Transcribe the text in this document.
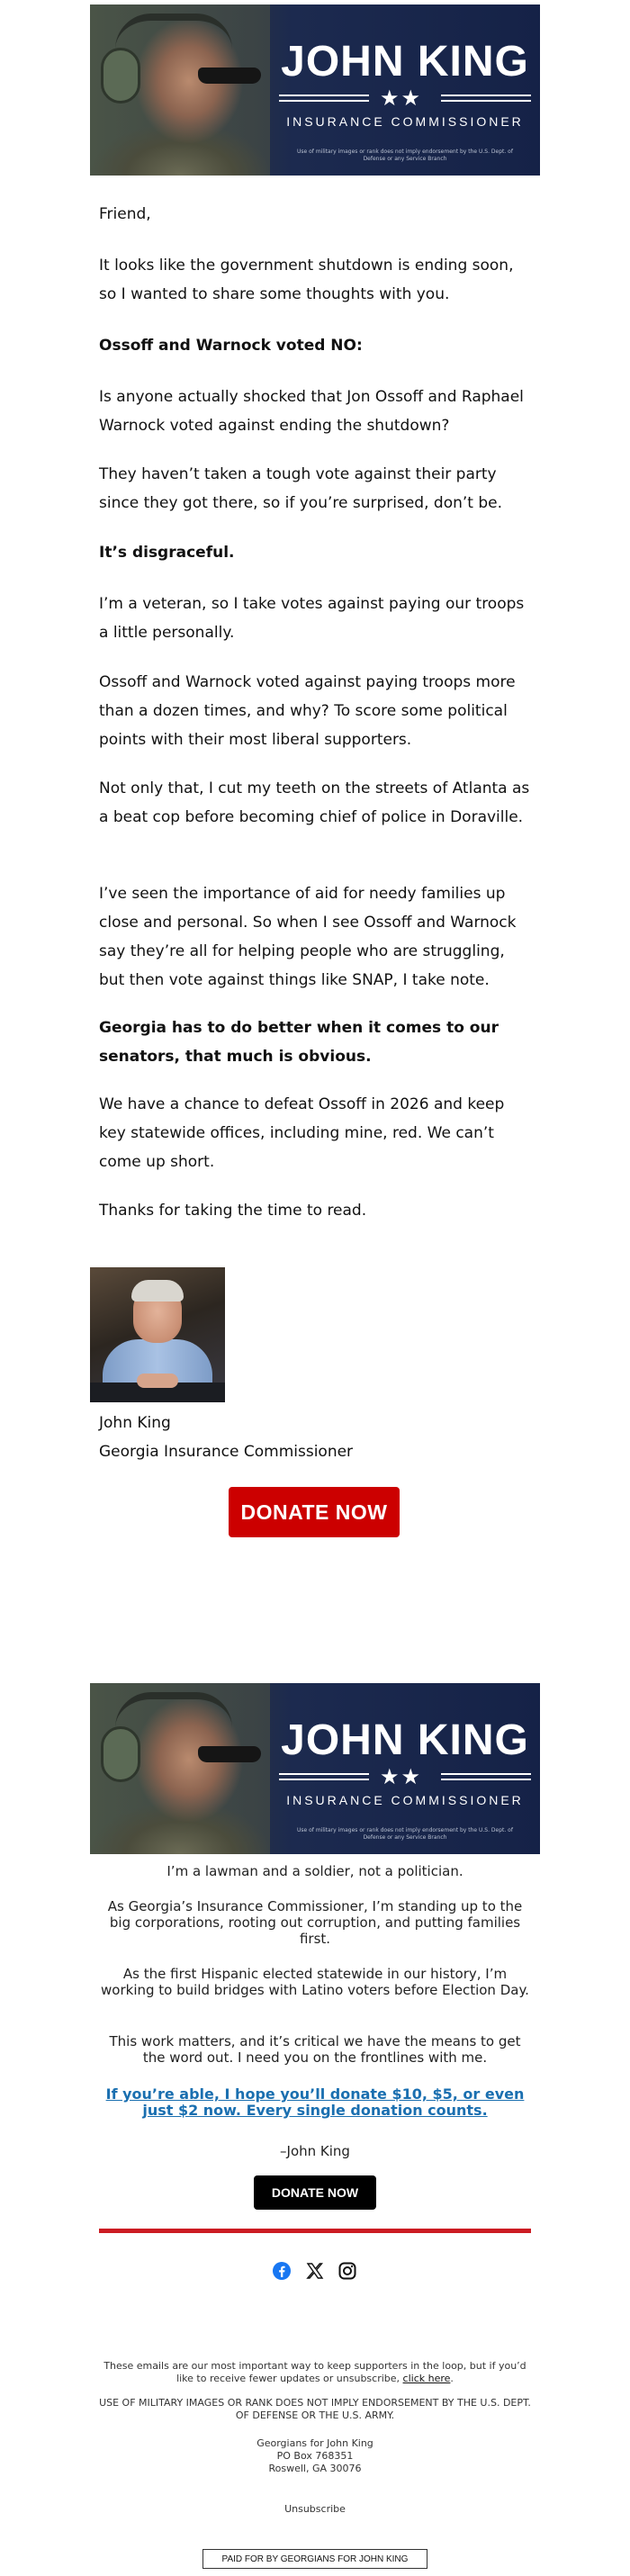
JOHN KING
★★
INSURANCE COMMISSIONER
Use of military images or rank does not imply endorsement by the U.S. Dept. of Defense or any Service Branch

Friend,

It looks like the government shutdown is ending soon, so I wanted to share some thoughts with you.

Ossoff and Warnock voted NO:

Is anyone actually shocked that Jon Ossoff and Raphael Warnock voted against ending the shutdown?

They haven’t taken a tough vote against their party since they got there, so if you’re surprised, don’t be.

It’s disgraceful.

I’m a veteran, so I take votes against paying our troops a little personally.

Ossoff and Warnock voted against paying troops more than a dozen times, and why? To score some political points with their most liberal supporters.

Not only that, I cut my teeth on the streets of Atlanta as a beat cop before becoming chief of police in Doraville.

I’ve seen the importance of aid for needy families up close and personal. So when I see Ossoff and Warnock say they’re all for helping people who are struggling, but then vote against things like SNAP, I take note.

Georgia has to do better when it comes to our senators, that much is obvious.

We have a chance to defeat Ossoff in 2026 and keep key statewide offices, including mine, red. We can’t come up short.

Thanks for taking the time to read.

John King

Georgia Insurance Commissioner

DONATE NOW
JOHN KING
★★
INSURANCE COMMISSIONER
Use of military images or rank does not imply endorsement by the U.S. Dept. of Defense or any Service Branch
I’m a lawman and a soldier, not a politician.
As Georgia’s Insurance Commissioner, I’m standing up to the big corporations, rooting out corruption, and putting families first.
As the first Hispanic elected statewide in our history, I’m working to build bridges with Latino voters before Election Day.
This work matters, and it’s critical we have the means to get the word out. I need you on the frontlines with me.
If you’re able, I hope you’ll donate $10, $5, or even just $2 now. Every single donation counts.
–John King
DONATE NOW
These emails are our most important way to keep supporters in the loop, but if you’d like to receive fewer updates or unsubscribe, click here.
USE OF MILITARY IMAGES OR RANK DOES NOT IMPLY ENDORSEMENT BY THE U.S. DEPT. OF DEFENSE OR THE U.S. ARMY.
Georgians for John King
PO Box 768351
Roswell, GA 30076
Unsubscribe
PAID FOR BY GEORGIANS FOR JOHN KING
